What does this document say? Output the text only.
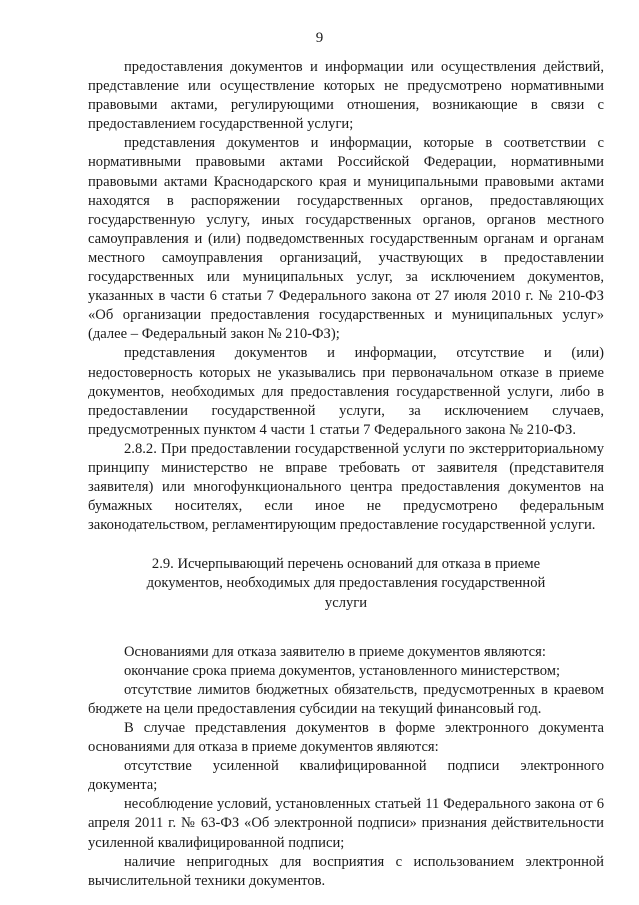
9

предоставления документов и информации или осуществления действий, представление или осуществление которых не предусмотрено нормативными правовыми актами, регулирующими отношения, возникающие в связи с предоставлением государственной услуги;

представления документов и информации, которые в соответствии с нормативными правовыми актами Российской Федерации, нормативными правовыми актами Краснодарского края и муниципальными правовыми актами находятся в распоряжении государственных органов, предоставляющих государственную услугу, иных государственных органов, органов местного самоуправления и (или) подведомственных государственным органам и органам местного самоуправления организаций, участвующих в предоставлении государственных или муниципальных услуг, за исключением документов, указанных в части 6 статьи 7 Федерального закона от 27 июля 2010 г. № 210-ФЗ «Об организации предоставления государственных и муниципальных услуг» (далее – Федеральный закон № 210-ФЗ);

представления документов и информации, отсутствие и (или) недостоверность которых не указывались при первоначальном отказе в приеме документов, необходимых для предоставления государственной услуги, либо в предоставлении государственной услуги, за исключением случаев, предусмотренных пунктом 4 части 1 статьи 7 Федерального закона № 210-ФЗ.

2.8.2. При предоставлении государственной услуги по экстерриториальному принципу министерство не вправе требовать от заявителя (представителя заявителя) или многофункционального центра предоставления документов на бумажных носителях, если иное не предусмотрено федеральным законодательством, регламентирующим предоставление государственной услуги.

2.9. Исчерпывающий перечень оснований для отказа в приеме документов, необходимых для предоставления государственной услуги

Основаниями для отказа заявителю в приеме документов являются:

окончание срока приема документов, установленного министерством;

отсутствие лимитов бюджетных обязательств, предусмотренных в краевом бюджете на цели предоставления субсидии на текущий финансовый год.

В случае представления документов в форме электронного документа основаниями для отказа в приеме документов являются:

отсутствие усиленной квалифицированной подписи электронного документа;

несоблюдение условий, установленных статьей 11 Федерального закона от 6 апреля 2011 г. № 63-ФЗ «Об электронной подписи» признания действительности усиленной квалифицированной подписи;

наличие непригодных для восприятия с использованием электронной вычислительной техники документов.
